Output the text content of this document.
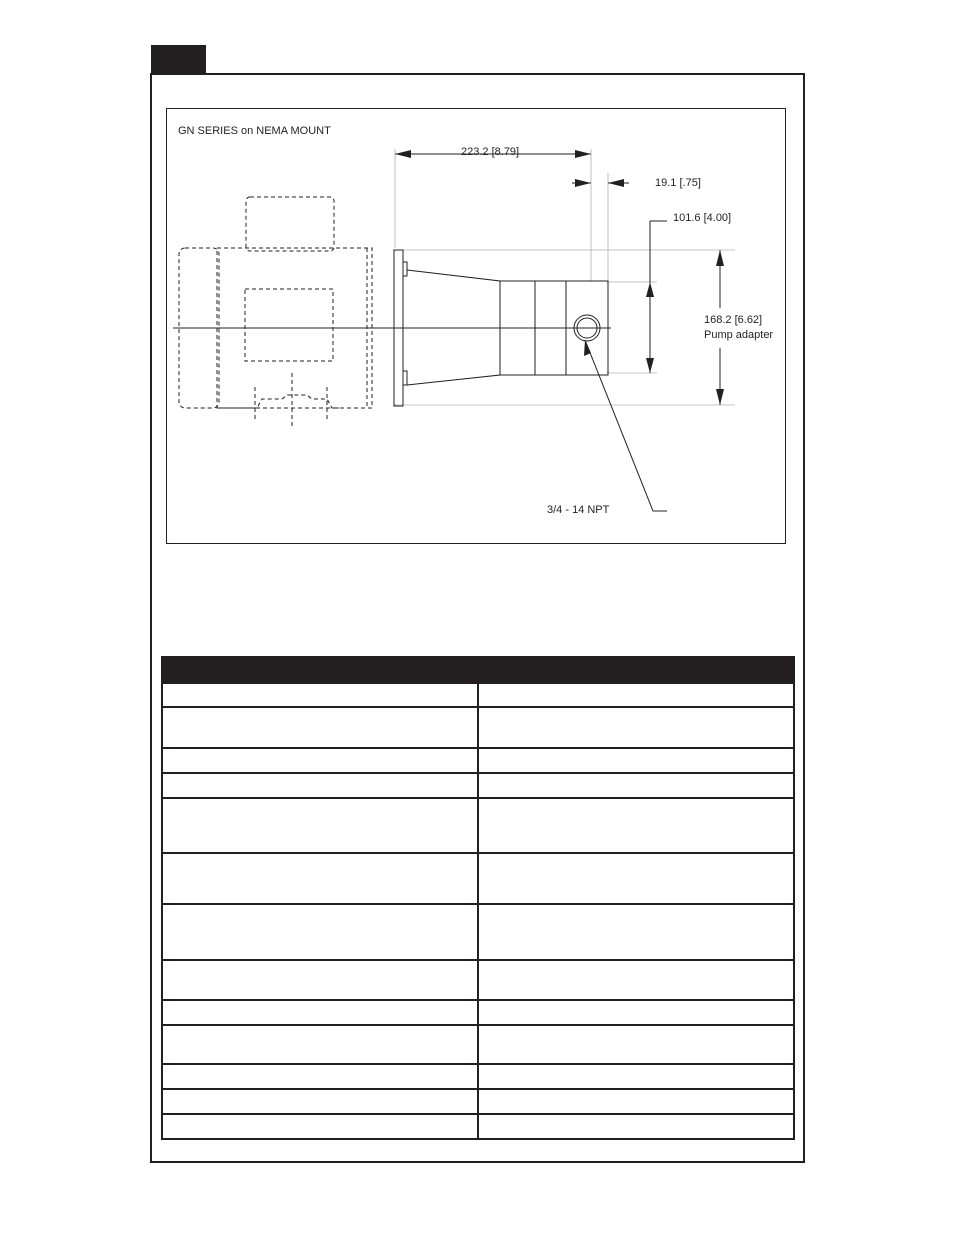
GN SERIES on NEMA MOUNT
223.2 [8.79]
19.1 [.75]
101.6 [4.00]
168.2 [6.62]
Pump adapter
3/4 - 14 NPT
